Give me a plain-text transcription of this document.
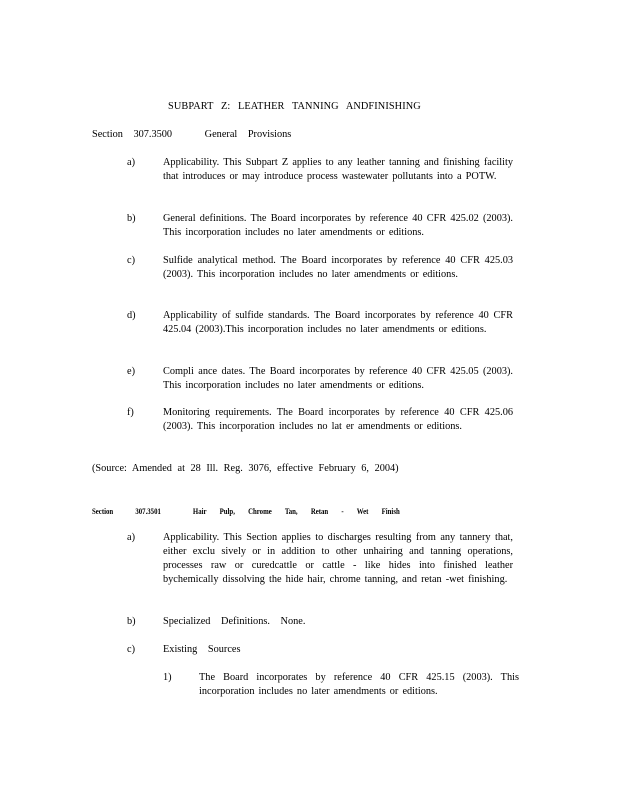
SUBPART Z: LEATHER TANNING ANDFINISHING
Section 307.3500	General Provisions
a)	Applicability. This Subpart Z applies to any leather tanning and finishing facility that introduces or may introduce process wastewater pollutants into a POTW.
b)	General definitions. The Board incorporates by reference 40 CFR 425.02 (2003). This incorporation includes no later amendments or editions.
c)	Sulfide analytical method. The Board incorporates by reference 40 CFR 425.03 (2003). This incorporation includes no later amendments or editions.
d)	Applicability of sulfide standards. The Board incorporates by reference 40 CFR 425.04 (2003).This incorporation includes no later amendments or editions.
e)	Compli ance dates. The Board incorporates by reference 40 CFR 425.05 (2003). This incorporation includes no later amendments or editions.
f)	Monitoring requirements. The Board incorporates by reference 40 CFR 425.06 (2003). This incorporation includes no lat er amendments or editions.
(Source: Amended at 28 Ill. Reg. 3076, effective February 6, 2004)
Section	307.3501	Hair Pulp, Chrome Tan, Retan - Wet Finish
a)	Applicability. This Section applies to discharges resulting from any tannery that, either exclu sively or in addition to other unhairing and tanning operations, processes raw or curedcattle or cattle - like hides into finished leather bychemically dissolving the hide hair, chrome tanning, and retan -wet finishing.
b)	Specialized Definitions. None.
c)	Existing Sources
1)	The Board incorporates by reference 40 CFR 425.15 (2003). This incorporation includes no later amendments or editions.
